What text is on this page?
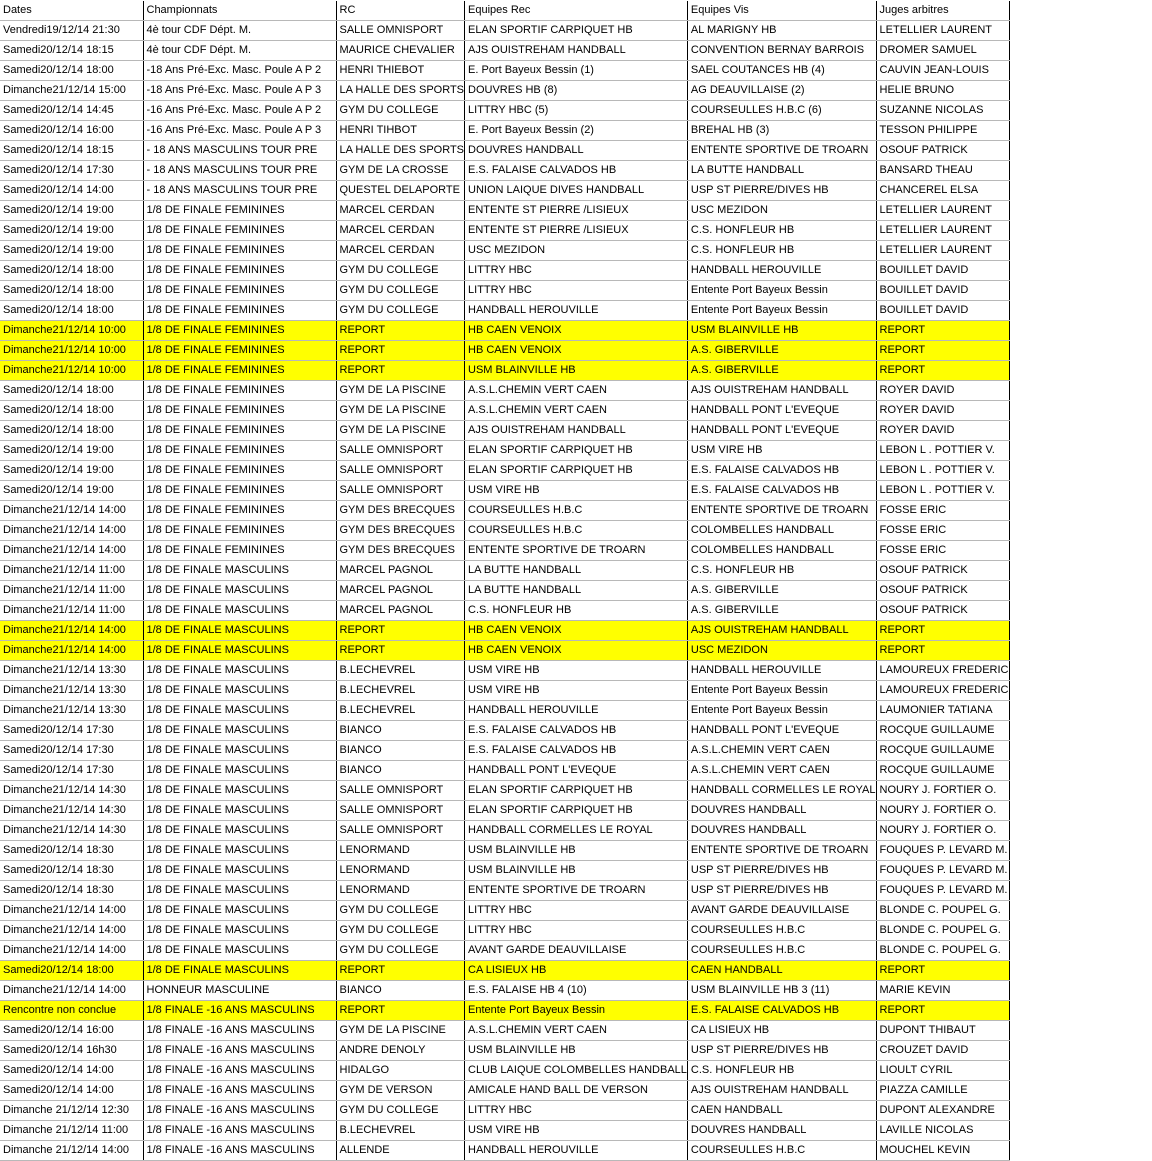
Dates	Championnats	RC	Equipes Rec	Equipes Vis	Juges arbitres
Vendredi19/12/14 21:30	4è tour CDF Dépt. M.	SALLE OMNISPORT	ELAN SPORTIF CARPIQUET HB	AL MARIGNY HB	LETELLIER LAURENT
Samedi20/12/14 18:15	4è tour CDF Dépt. M.	MAURICE CHEVALIER	AJS OUISTREHAM HANDBALL	CONVENTION BERNAY BARROIS	DROMER SAMUEL
Samedi20/12/14 18:00	-18 Ans Pré-Exc. Masc. Poule A P 2	HENRI THIEBOT	E. Port Bayeux Bessin (1)	SAEL COUTANCES HB (4)	CAUVIN JEAN-LOUIS
Dimanche21/12/14 15:00	-18 Ans Pré-Exc. Masc. Poule A P 3	LA HALLE DES SPORTS	DOUVRES HB (8)	AG DEAUVILLAISE (2)	HELIE BRUNO
Samedi20/12/14 14:45	-16 Ans Pré-Exc. Masc. Poule A P 2	GYM DU COLLEGE	LITTRY HBC (5)	COURSEULLES H.B.C (6)	SUZANNE NICOLAS
Samedi20/12/14 16:00	-16 Ans Pré-Exc. Masc. Poule A P 3	HENRI TIHBOT	E. Port Bayeux Bessin (2)	BREHAL HB (3)	TESSON PHILIPPE
Samedi20/12/14 18:15	- 18 ANS MASCULINS TOUR PRE	LA HALLE DES SPORTS	DOUVRES HANDBALL	ENTENTE SPORTIVE DE TROARN	OSOUF PATRICK
Samedi20/12/14 17:30	- 18 ANS MASCULINS TOUR PRE	GYM DE LA CROSSE	E.S. FALAISE CALVADOS HB	LA BUTTE HANDBALL	BANSARD THEAU
Samedi20/12/14 14:00	- 18 ANS MASCULINS TOUR PRE	QUESTEL DELAPORTE	UNION LAIQUE DIVES HANDBALL	USP ST PIERRE/DIVES HB	CHANCEREL ELSA
Samedi20/12/14 19:00	1/8 DE FINALE FEMININES	MARCEL CERDAN	ENTENTE ST PIERRE /LISIEUX	USC MEZIDON	LETELLIER LAURENT
Samedi20/12/14 19:00	1/8 DE FINALE FEMININES	MARCEL CERDAN	ENTENTE ST PIERRE /LISIEUX	C.S. HONFLEUR HB	LETELLIER LAURENT
Samedi20/12/14 19:00	1/8 DE FINALE FEMININES	MARCEL CERDAN	USC MEZIDON	C.S. HONFLEUR HB	LETELLIER LAURENT
Samedi20/12/14 18:00	1/8 DE FINALE FEMININES	GYM DU COLLEGE	LITTRY HBC	HANDBALL HEROUVILLE	BOUILLET DAVID
Samedi20/12/14 18:00	1/8 DE FINALE FEMININES	GYM DU COLLEGE	LITTRY HBC	Entente Port Bayeux Bessin	BOUILLET DAVID
Samedi20/12/14 18:00	1/8 DE FINALE FEMININES	GYM DU COLLEGE	HANDBALL HEROUVILLE	Entente Port Bayeux Bessin	BOUILLET DAVID
Dimanche21/12/14 10:00	1/8 DE FINALE FEMININES	REPORT	HB CAEN VENOIX	USM BLAINVILLE HB	REPORT
Dimanche21/12/14 10:00	1/8 DE FINALE FEMININES	REPORT	HB CAEN VENOIX	A.S. GIBERVILLE	REPORT
Dimanche21/12/14 10:00	1/8 DE FINALE FEMININES	REPORT	USM BLAINVILLE HB	A.S. GIBERVILLE	REPORT
Samedi20/12/14 18:00	1/8 DE FINALE FEMININES	GYM DE LA PISCINE	A.S.L.CHEMIN VERT CAEN	AJS OUISTREHAM HANDBALL	ROYER DAVID
Samedi20/12/14 18:00	1/8 DE FINALE FEMININES	GYM DE LA PISCINE	A.S.L.CHEMIN VERT CAEN	HANDBALL PONT L'EVEQUE	ROYER DAVID
Samedi20/12/14 18:00	1/8 DE FINALE FEMININES	GYM DE LA PISCINE	AJS OUISTREHAM HANDBALL	HANDBALL PONT L'EVEQUE	ROYER DAVID
Samedi20/12/14 19:00	1/8 DE FINALE FEMININES	SALLE OMNISPORT	ELAN SPORTIF CARPIQUET HB	USM VIRE HB	LEBON L . POTTIER V.
Samedi20/12/14 19:00	1/8 DE FINALE FEMININES	SALLE OMNISPORT	ELAN SPORTIF CARPIQUET HB	E.S. FALAISE CALVADOS HB	LEBON L . POTTIER V.
Samedi20/12/14 19:00	1/8 DE FINALE FEMININES	SALLE OMNISPORT	USM VIRE HB	E.S. FALAISE CALVADOS HB	LEBON L . POTTIER V.
Dimanche21/12/14 14:00	1/8 DE FINALE FEMININES	GYM DES BRECQUES	COURSEULLES H.B.C	ENTENTE SPORTIVE DE TROARN	FOSSE ERIC
Dimanche21/12/14 14:00	1/8 DE FINALE FEMININES	GYM DES BRECQUES	COURSEULLES H.B.C	COLOMBELLES HANDBALL	FOSSE ERIC
Dimanche21/12/14 14:00	1/8 DE FINALE FEMININES	GYM DES BRECQUES	ENTENTE SPORTIVE DE TROARN	COLOMBELLES HANDBALL	FOSSE ERIC
Dimanche21/12/14 11:00	1/8 DE FINALE MASCULINS	MARCEL PAGNOL	LA BUTTE HANDBALL	C.S. HONFLEUR HB	OSOUF PATRICK
Dimanche21/12/14 11:00	1/8 DE FINALE MASCULINS	MARCEL PAGNOL	LA BUTTE HANDBALL	A.S. GIBERVILLE	OSOUF PATRICK
Dimanche21/12/14 11:00	1/8 DE FINALE MASCULINS	MARCEL PAGNOL	C.S. HONFLEUR HB	A.S. GIBERVILLE	OSOUF PATRICK
Dimanche21/12/14 14:00	1/8 DE FINALE MASCULINS	REPORT	HB CAEN VENOIX	AJS OUISTREHAM HANDBALL	REPORT
Dimanche21/12/14 14:00	1/8 DE FINALE MASCULINS	REPORT	HB CAEN VENOIX	USC MEZIDON	REPORT
Dimanche21/12/14 13:30	1/8 DE FINALE MASCULINS	B.LECHEVREL	USM VIRE HB	HANDBALL HEROUVILLE	LAMOUREUX FREDERIC
Dimanche21/12/14 13:30	1/8 DE FINALE MASCULINS	B.LECHEVREL	USM VIRE HB	Entente Port Bayeux Bessin	LAMOUREUX FREDERIC
Dimanche21/12/14 13:30	1/8 DE FINALE MASCULINS	B.LECHEVREL	HANDBALL HEROUVILLE	Entente Port Bayeux Bessin	LAUMONIER TATIANA
Samedi20/12/14 17:30	1/8 DE FINALE MASCULINS	BIANCO	E.S. FALAISE CALVADOS HB	HANDBALL PONT L'EVEQUE	ROCQUE GUILLAUME
Samedi20/12/14 17:30	1/8 DE FINALE MASCULINS	BIANCO	E.S. FALAISE CALVADOS HB	A.S.L.CHEMIN VERT CAEN	ROCQUE GUILLAUME
Samedi20/12/14 17:30	1/8 DE FINALE MASCULINS	BIANCO	HANDBALL PONT L'EVEQUE	A.S.L.CHEMIN VERT CAEN	ROCQUE GUILLAUME
Dimanche21/12/14 14:30	1/8 DE FINALE MASCULINS	SALLE OMNISPORT	ELAN SPORTIF CARPIQUET HB	HANDBALL CORMELLES LE ROYAL	NOURY J. FORTIER O.
Dimanche21/12/14 14:30	1/8 DE FINALE MASCULINS	SALLE OMNISPORT	ELAN SPORTIF CARPIQUET HB	DOUVRES HANDBALL	NOURY J. FORTIER O.
Dimanche21/12/14 14:30	1/8 DE FINALE MASCULINS	SALLE OMNISPORT	HANDBALL CORMELLES LE ROYAL	DOUVRES HANDBALL	NOURY J. FORTIER O.
Samedi20/12/14 18:30	1/8 DE FINALE MASCULINS	LENORMAND	USM BLAINVILLE HB	ENTENTE SPORTIVE DE TROARN	FOUQUES P. LEVARD M.
Samedi20/12/14 18:30	1/8 DE FINALE MASCULINS	LENORMAND	USM BLAINVILLE HB	USP ST PIERRE/DIVES HB	FOUQUES P. LEVARD M.
Samedi20/12/14 18:30	1/8 DE FINALE MASCULINS	LENORMAND	ENTENTE SPORTIVE DE TROARN	USP ST PIERRE/DIVES HB	FOUQUES P. LEVARD M.
Dimanche21/12/14 14:00	1/8 DE FINALE MASCULINS	GYM DU COLLEGE	LITTRY HBC	AVANT GARDE DEAUVILLAISE	BLONDE C. POUPEL G.
Dimanche21/12/14 14:00	1/8 DE FINALE MASCULINS	GYM DU COLLEGE	LITTRY HBC	COURSEULLES H.B.C	BLONDE C. POUPEL G.
Dimanche21/12/14 14:00	1/8 DE FINALE MASCULINS	GYM DU COLLEGE	AVANT GARDE DEAUVILLAISE	COURSEULLES H.B.C	BLONDE C. POUPEL G.
Samedi20/12/14 18:00	1/8 DE FINALE MASCULINS	REPORT	CA LISIEUX HB	CAEN HANDBALL	REPORT
Dimanche21/12/14 14:00	HONNEUR MASCULINE	BIANCO	E.S. FALAISE HB 4 (10)	USM BLAINVILLE HB 3 (11)	MARIE KEVIN
Rencontre non conclue	1/8 FINALE -16 ANS MASCULINS	REPORT	Entente Port Bayeux Bessin	E.S. FALAISE CALVADOS HB	REPORT
Samedi20/12/14 16:00	1/8 FINALE -16 ANS MASCULINS	GYM DE LA PISCINE	A.S.L.CHEMIN VERT CAEN	CA LISIEUX HB	DUPONT THIBAUT
Samedi20/12/14 16h30	1/8 FINALE -16 ANS MASCULINS	ANDRE DENOLY	USM BLAINVILLE HB	USP ST PIERRE/DIVES HB	CROUZET DAVID
Samedi20/12/14 14:00	1/8 FINALE -16 ANS MASCULINS	HIDALGO	CLUB LAIQUE COLOMBELLES HANDBALL	C.S. HONFLEUR HB	LIOULT CYRIL
Samedi20/12/14 14:00	1/8 FINALE -16 ANS MASCULINS	GYM DE VERSON	AMICALE HAND BALL DE VERSON	AJS OUISTREHAM HANDBALL	PIAZZA CAMILLE
Dimanche 21/12/14 12:30	1/8 FINALE -16 ANS MASCULINS	GYM DU COLLEGE	LITTRY HBC	CAEN HANDBALL	DUPONT ALEXANDRE
Dimanche 21/12/14 11:00	1/8 FINALE -16 ANS MASCULINS	B.LECHEVREL	USM VIRE HB	DOUVRES HANDBALL	LAVILLE NICOLAS
Dimanche 21/12/14 14:00	1/8 FINALE -16 ANS MASCULINS	ALLENDE	HANDBALL HEROUVILLE	COURSEULLES H.B.C	MOUCHEL KEVIN
